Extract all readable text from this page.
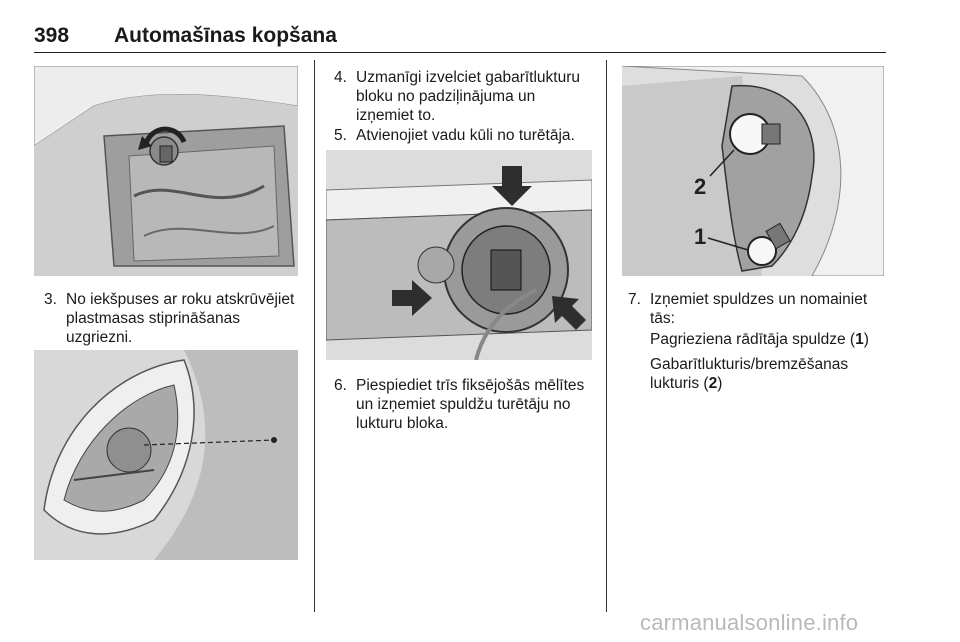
398 Automašīnas kopšana
3. No iekšpuses ar roku atskrūvējiet plastmasas stiprināšanas uzgriezni.
4. Uzmanīgi izvelciet gabarītlukturu bloku no padziļinājuma un izņemiet to.
5. Atvienojiet vadu kūli no turētāja.
6. Piespiediet trīs fiksējošās mēlītes un izņemiet spuldžu turētāju no lukturu bloka.
2
1
7. Izņemiet spuldzes un nomainiet tās:
Pagrieziena rādītāja spuldze (1)
Gabarītlukturis/bremzēšanas lukturis (2)
carmanualsonline.info
